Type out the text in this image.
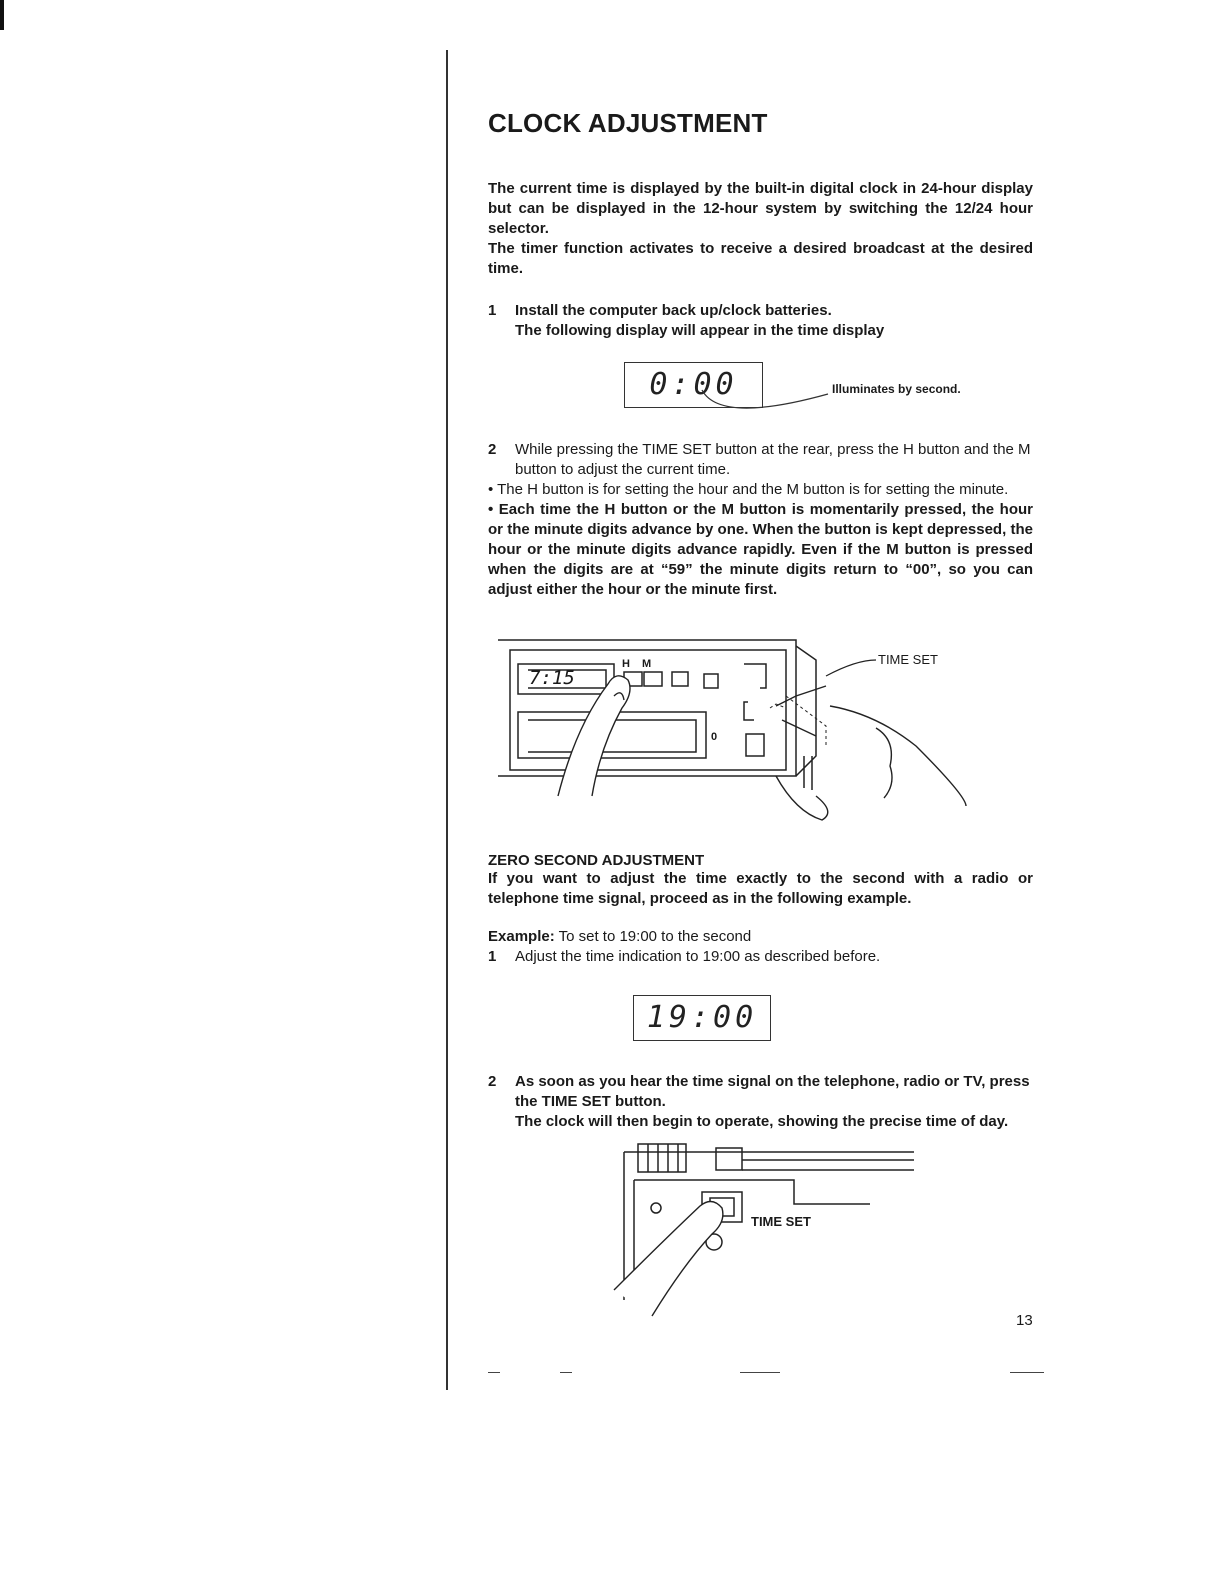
CLOCK ADJUSTMENT

The current time is displayed by the built-in digital clock in 24-hour display but can be displayed in the 12-hour system by switching the 12/24 hour selector.

The timer function activates to receive a desired broadcast at the desired time.

1	Install the computer back up/clock batteries.
The following display will appear in the time display
0:00	Illuminates by second.
2	While pressing the TIME SET button at the rear, press the H button and the M button to adjust the current time.

• The H button is for setting the hour and the M button is for setting the minute.

• Each time the H button or the M button is momentarily pressed, the hour or the minute digits advance by one. When the button is kept depressed, the hour or the minute digits advance rapidly. Even if the M button is pressed when the digits are at “59” the minute digits return to “00”, so you can adjust either the hour or the minute first.

7:15
H M
0
TIME SET
ZERO SECOND ADJUSTMENT

If you want to adjust the time exactly to the second with a radio or telephone time signal, proceed as in the following example.

Example: To set to 19:00 to the second
1	Adjust the time indication to 19:00 as described before.
19:00
2	As soon as you hear the time signal on the telephone, radio or TV, press the TIME SET button.
The clock will then begin to operate, showing the precise time of day.
TIME SET
13
